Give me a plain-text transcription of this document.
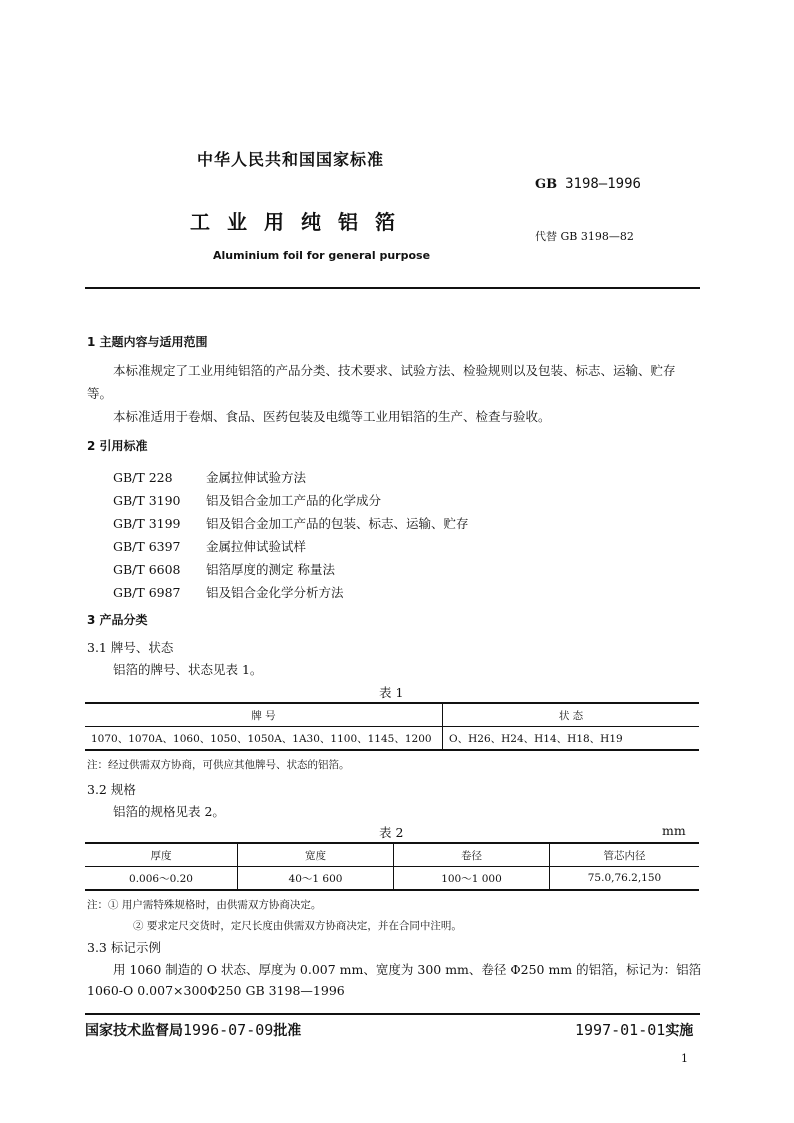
中华人民共和国国家标准
GB 3198—1996
工业用纯铝箔
代替 GB 3198—82
Aluminium foil for general purpose
1 主题内容与适用范围
本标准规定了工业用纯铝箔的产品分类、技术要求、试验方法、检验规则以及包装、标志、运输、贮存
等。
本标准适用于卷烟、食品、医药包装及电缆等工业用铝箔的生产、检查与验收。
2 引用标准
GB/T 228	金属拉伸试验方法
GB/T 3190 铝及铝合金加工产品的化学成分
GB/T 3199 铝及铝合金加工产品的包装、标志、运输、贮存
GB/T 6397 金属拉伸试验试样
GB/T 6608 铝箔厚度的测定 称量法
GB/T 6987 铝及铝合金化学分析方法
3 产品分类
3.1 牌号、状态
铝箔的牌号、状态见表 1。
表 1
牌 号	状 态
1070、1070A、1060、1050、1050A、1A30、1100、1145、1200	O、H26、H24、H14、H18、H19
注：经过供需双方协商，可供应其他牌号、状态的铝箔。
3.2 规格
铝箔的规格见表 2。
表 2	mm
厚度	宽度	卷径	管芯内径
0.006～0.20	40～1 600	100～1 000	75.0,76.2,150
注：① 用户需特殊规格时，由供需双方协商决定。
② 要求定尺交货时，定尺长度由供需双方协商决定，并在合同中注明。
3.3 标记示例
用 1060 制造的 O 状态、厚度为 0.007 mm、宽度为 300 mm、卷径 Φ250 mm 的铝箔，标记为：铝箔
1060-O 0.007×300Φ250 GB 3198—1996
国家技术监督局1996-07-09批准	1997-01-01实施
1
